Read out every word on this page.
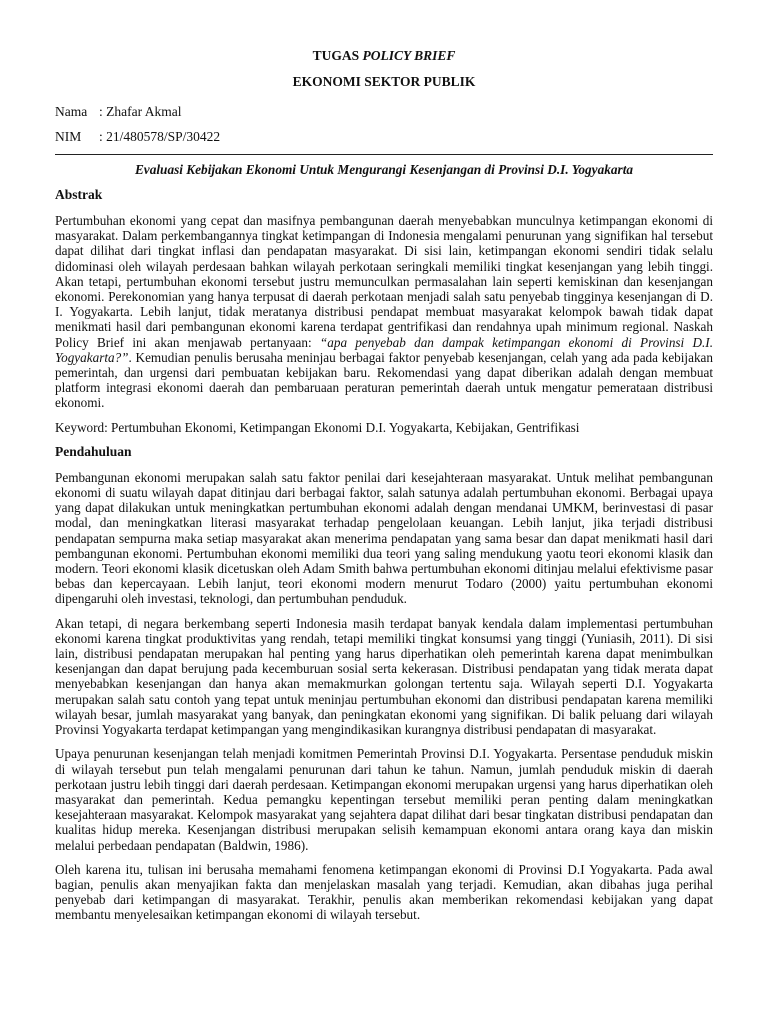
TUGAS POLICY BRIEF
EKONOMI SEKTOR PUBLIK
Nama : Zhafar Akmal
NIM	: 21/480578/SP/30422
Evaluasi Kebijakan Ekonomi Untuk Mengurangi Kesenjangan di Provinsi D.I. Yogyakarta
Abstrak

Pertumbuhan ekonomi yang cepat dan masifnya pembangunan daerah menyebabkan munculnya ketimpangan ekonomi di masyarakat. Dalam perkembangannya tingkat ketimpangan di Indonesia mengalami penurunan yang signifikan hal tersebut dapat dilihat dari tingkat inflasi dan pendapatan masyarakat. Di sisi lain, ketimpangan ekonomi sendiri tidak selalu didominasi oleh wilayah perdesaan bahkan wilayah perkotaan seringkali memiliki tingkat kesenjangan yang lebih tinggi. Akan tetapi, pertumbuhan ekonomi tersebut justru memunculkan permasalahan lain seperti kemiskinan dan kesenjangan ekonomi. Perekonomian yang hanya terpusat di daerah perkotaan menjadi salah satu penyebab tingginya kesenjangan di D. I. Yogyakarta. Lebih lanjut, tidak meratanya distribusi pendapat membuat masyarakat kelompok bawah tidak dapat menikmati hasil dari pembangunan ekonomi karena terdapat gentrifikasi dan rendahnya upah minimum regional. Naskah Policy Brief ini akan menjawab pertanyaan: “apa penyebab dan dampak ketimpangan ekonomi di Provinsi D.I. Yogyakarta?”. Kemudian penulis berusaha meninjau berbagai faktor penyebab kesenjangan, celah yang ada pada kebijakan pemerintah, dan urgensi dari pembuatan kebijakan baru. Rekomendasi yang dapat diberikan adalah dengan membuat platform integrasi ekonomi daerah dan pembaruaan peraturan pemerintah daerah untuk mengatur pemerataan distribusi ekonomi.

Keyword: Pertumbuhan Ekonomi, Ketimpangan Ekonomi D.I. Yogyakarta, Kebijakan, Gentrifikasi

Pendahuluan

Pembangunan ekonomi merupakan salah satu faktor penilai dari kesejahteraan masyarakat. Untuk melihat pembangunan ekonomi di suatu wilayah dapat ditinjau dari berbagai faktor, salah satunya adalah pertumbuhan ekonomi. Berbagai upaya yang dapat dilakukan untuk meningkatkan pertumbuhan ekonomi adalah dengan mendanai UMKM, berinvestasi di pasar modal, dan meningkatkan literasi masyarakat terhadap pengelolaan keuangan. Lebih lanjut, jika terjadi distribusi pendapatan sempurna maka setiap masyarakat akan menerima pendapatan yang sama besar dan dapat menikmati hasil dari pembangunan ekonomi. Pertumbuhan ekonomi memiliki dua teori yang saling mendukung yaotu teori ekonomi klasik dan modern. Teori ekonomi klasik dicetuskan oleh Adam Smith bahwa pertumbuhan ekonomi ditinjau melalui efektivisme pasar bebas dan kepercayaan. Lebih lanjut, teori ekonomi modern menurut Todaro (2000) yaitu pertumbuhan ekonomi dipengaruhi oleh investasi, teknologi, dan pertumbuhan penduduk.

Akan tetapi, di negara berkembang seperti Indonesia masih terdapat banyak kendala dalam implementasi pertumbuhan ekonomi karena tingkat produktivitas yang rendah, tetapi memiliki tingkat konsumsi yang tinggi (Yuniasih, 2011). Di sisi lain, distribusi pendapatan merupakan hal penting yang harus diperhatikan oleh pemerintah karena dapat menimbulkan kesenjangan dan dapat berujung pada kecemburuan sosial serta kekerasan. Distribusi pendapatan yang tidak merata dapat menyebabkan kesenjangan dan hanya akan memakmurkan golongan tertentu saja. Wilayah seperti D.I. Yogyakarta merupakan salah satu contoh yang tepat untuk meninjau pertumbuhan ekonomi dan distribusi pendapatan karena memiliki wilayah besar, jumlah masyarakat yang banyak, dan peningkatan ekonomi yang signifikan. Di balik peluang dari wilayah Provinsi Yogyakarta terdapat ketimpangan yang mengindikasikan kurangnya distribusi pendapatan di masyarakat.

Upaya penurunan kesenjangan telah menjadi komitmen Pemerintah Provinsi D.I. Yogyakarta. Persentase penduduk miskin di wilayah tersebut pun telah mengalami penurunan dari tahun ke tahun. Namun, jumlah penduduk miskin di daerah perkotaan justru lebih tinggi dari daerah perdesaan. Ketimpangan ekonomi merupakan urgensi yang harus diperhatikan oleh masyarakat dan pemerintah. Kedua pemangku kepentingan tersebut memiliki peran penting dalam meningkatkan kesejahteraan masyarakat. Kelompok masyarakat yang sejahtera dapat dilihat dari besar tingkatan distribusi pendapatan dan kualitas hidup mereka. Kesenjangan distribusi merupakan selisih kemampuan ekonomi antara orang kaya dan miskin melalui perbedaan pendapatan (Baldwin, 1986).

Oleh karena itu, tulisan ini berusaha memahami fenomena ketimpangan ekonomi di Provinsi D.I Yogyakarta. Pada awal bagian, penulis akan menyajikan fakta dan menjelaskan masalah yang terjadi. Kemudian, akan dibahas juga perihal penyebab dari ketimpangan di masyarakat. Terakhir, penulis akan memberikan rekomendasi kebijakan yang dapat membantu menyelesaikan ketimpangan ekonomi di wilayah tersebut.
